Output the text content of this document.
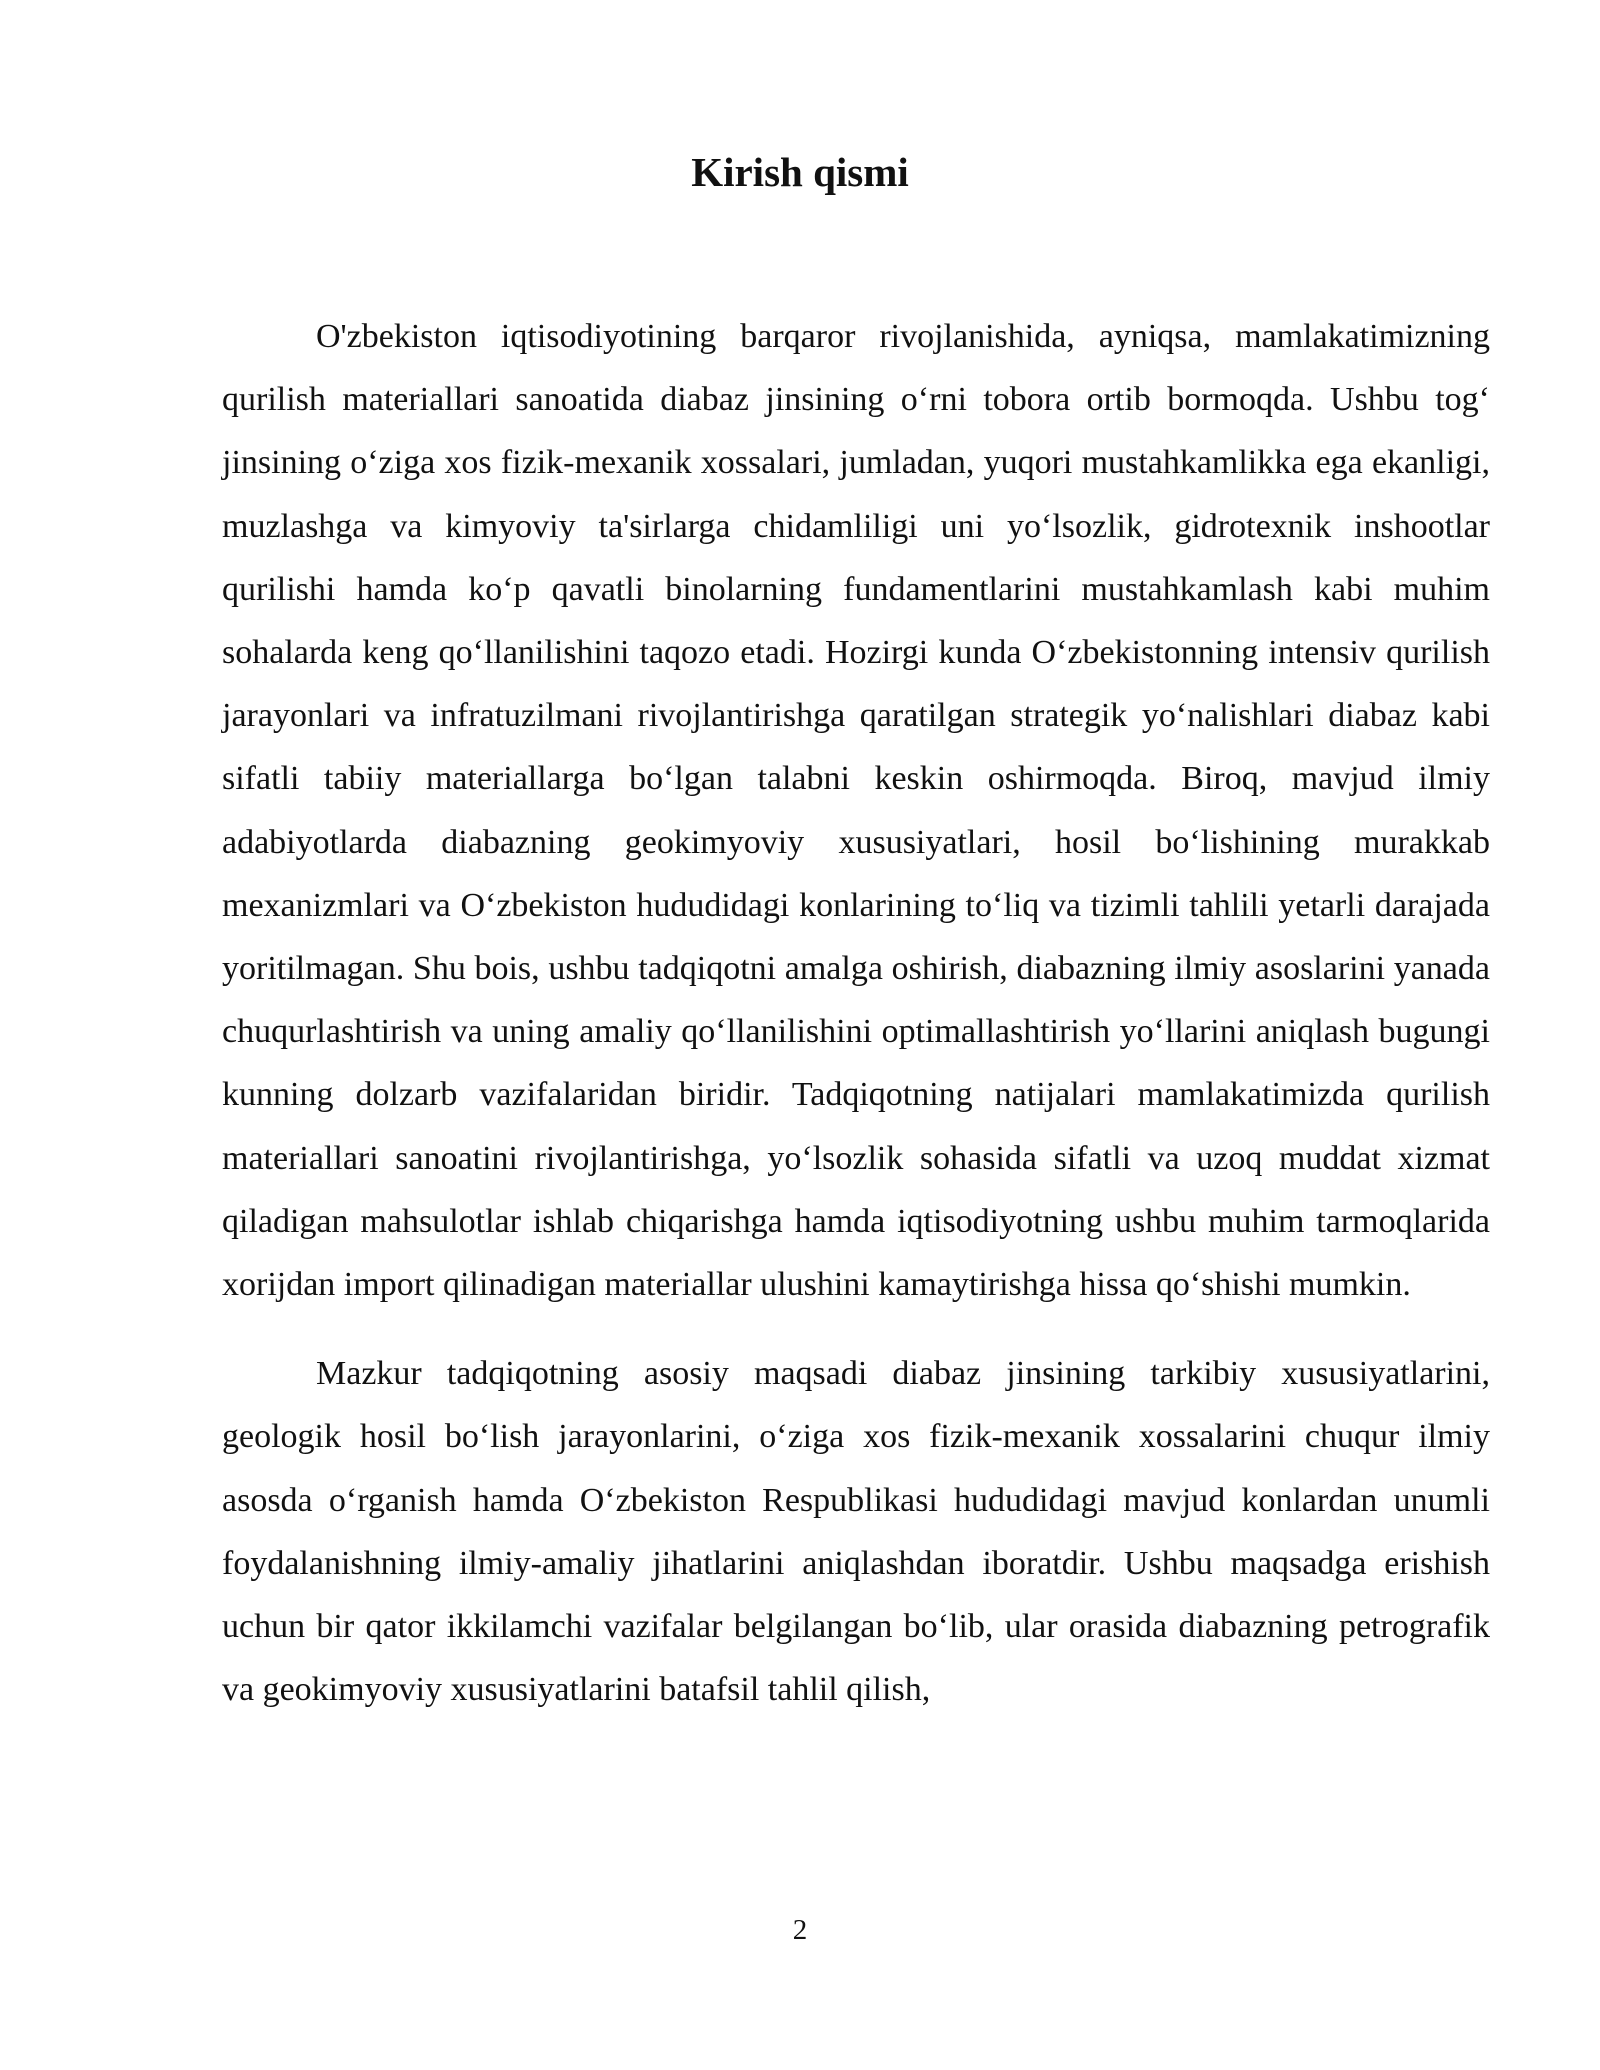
Kirish qismi

O'zbekiston iqtisodiyotining barqaror rivojlanishida, ayniqsa, mamlakatimizning qurilish materiallari sanoatida diabaz jinsining o‘rni tobora ortib bormoqda. Ushbu tog‘ jinsining o‘ziga xos fizik-mexanik xossalari, jumladan, yuqori mustahkamlikka ega ekanligi, muzlashga va kimyoviy ta'sirlarga chidamliligi uni yo‘lsozlik, gidrotexnik inshootlar qurilishi hamda ko‘p qavatli binolarning fundamentlarini mustahkamlash kabi muhim sohalarda keng qo‘llanilishini taqozo etadi. Hozirgi kunda O‘zbekistonning intensiv qurilish jarayonlari va infratuzilmani rivojlantirishga qaratilgan strategik yo‘nalishlari diabaz kabi sifatli tabiiy materiallarga bo‘lgan talabni keskin oshirmoqda. Biroq, mavjud ilmiy adabiyotlarda diabazning geokimyoviy xususiyatlari, hosil bo‘lishining murakkab mexanizmlari va O‘zbekiston hududidagi konlarining to‘liq va tizimli tahlili yetarli darajada yoritilmagan. Shu bois, ushbu tadqiqotni amalga oshirish, diabazning ilmiy asoslarini yanada chuqurlashtirish va uning amaliy qo‘llanilishini optimallashtirish yo‘llarini aniqlash bugungi kunning dolzarb vazifalaridan biridir. Tadqiqotning natijalari mamlakatimizda qurilish materiallari sanoatini rivojlantirishga, yo‘lsozlik sohasida sifatli va uzoq muddat xizmat qiladigan mahsulotlar ishlab chiqarishga hamda iqtisodiyotning ushbu muhim tarmoqlarida xorijdan import qilinadigan materiallar ulushini kamaytirishga hissa qo‘shishi mumkin.

Mazkur tadqiqotning asosiy maqsadi diabaz jinsining tarkibiy xususiyatlarini, geologik hosil bo‘lish jarayonlarini, o‘ziga xos fizik-mexanik xossalarini chuqur ilmiy asosda o‘rganish hamda O‘zbekiston Respublikasi hududidagi mavjud konlardan unumli foydalanishning ilmiy-amaliy jihatlarini aniqlashdan iboratdir. Ushbu maqsadga erishish uchun bir qator ikkilamchi vazifalar belgilangan bo‘lib, ular orasida diabazning petrografik va geokimyoviy xususiyatlarini batafsil tahlil qilish,

2
